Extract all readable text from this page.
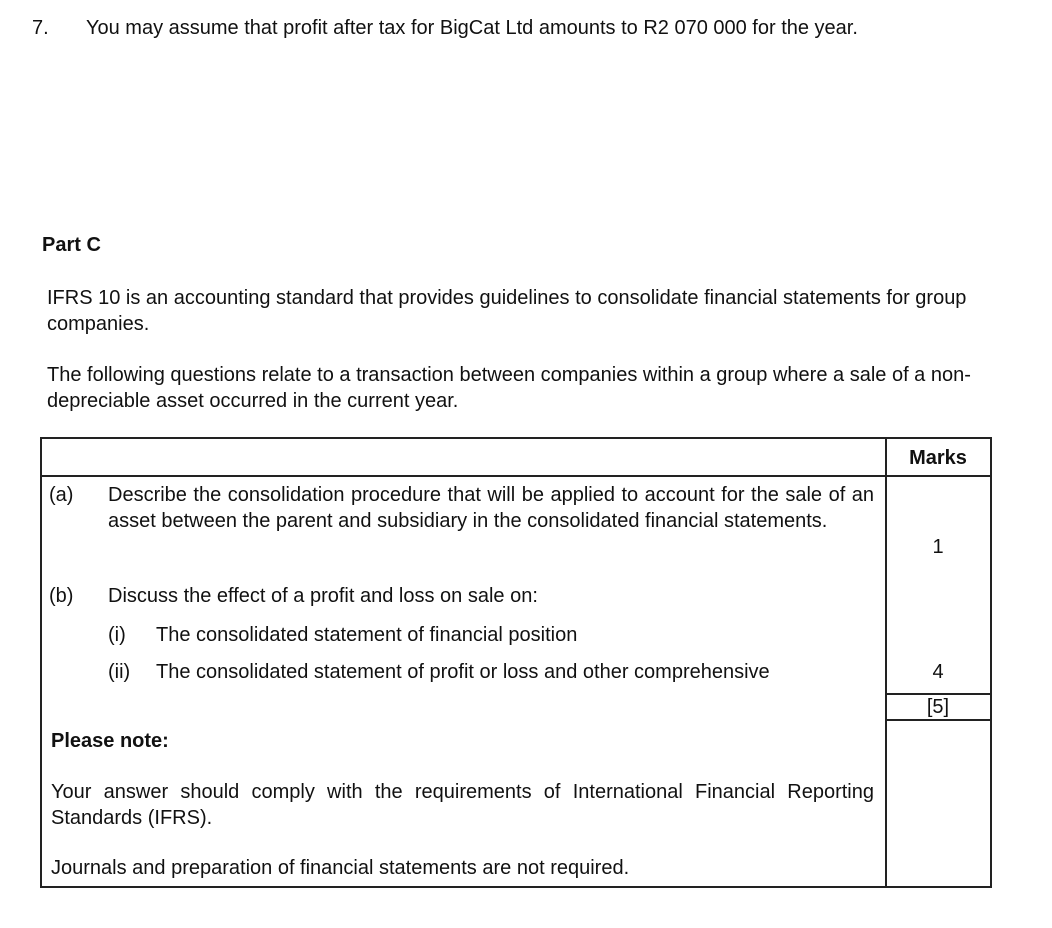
7. You may assume that profit after tax for BigCat Ltd amounts to R2 070 000 for the year.
Part C
IFRS 10 is an accounting standard that provides guidelines to consolidate financial statements for group companies.
The following questions relate to a transaction between companies within a group where a sale of a non-depreciable asset occurred in the current year.
Marks
(a) Describe the consolidation procedure that will be applied to account for the sale of an asset between the parent and subsidiary in the consolidated financial statements.
1
(b) Discuss the effect of a profit and loss on sale on:
(i) The consolidated statement of financial position
(ii) The consolidated statement of profit or loss and other comprehensive	4
[5]
Please note:
Your answer should comply with the requirements of International Financial Reporting Standards (IFRS).
Journals and preparation of financial statements are not required.
